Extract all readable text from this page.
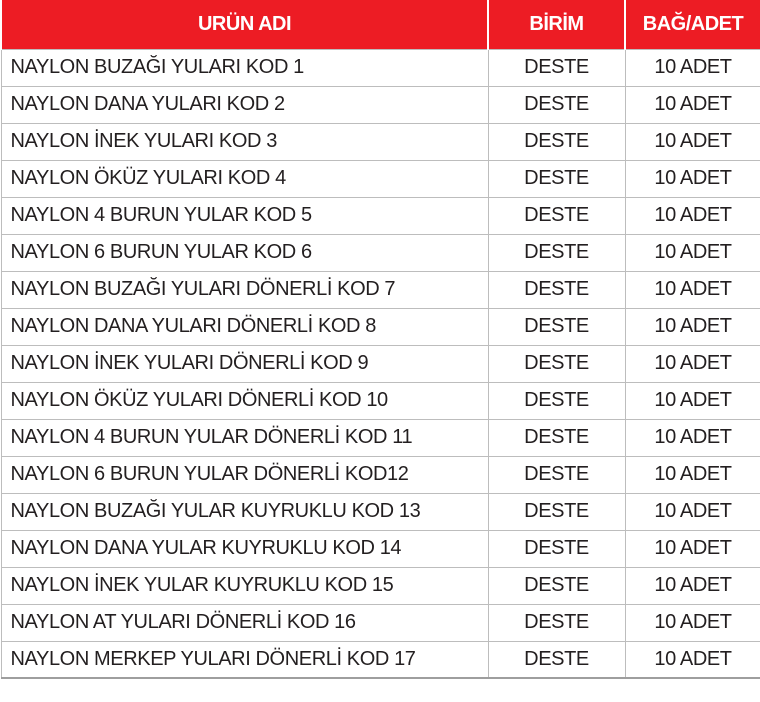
URÜN ADI	BİRİM	BAĞ/ADET
NAYLON BUZAĞI YULARI KOD 1	DESTE	10 ADET
NAYLON DANA YULARI KOD 2	DESTE	10 ADET
NAYLON İNEK YULARI KOD 3	DESTE	10 ADET
NAYLON ÖKÜZ YULARI KOD 4	DESTE	10 ADET
NAYLON 4 BURUN YULAR KOD 5	DESTE	10 ADET
NAYLON 6 BURUN YULAR KOD 6	DESTE	10 ADET
NAYLON BUZAĞI YULARI DÖNERLİ KOD 7	DESTE	10 ADET
NAYLON DANA YULARI DÖNERLİ KOD 8	DESTE	10 ADET
NAYLON İNEK YULARI DÖNERLİ KOD 9	DESTE	10 ADET
NAYLON ÖKÜZ YULARI DÖNERLİ KOD 10	DESTE	10 ADET
NAYLON 4 BURUN YULAR DÖNERLİ KOD 11	DESTE	10 ADET
NAYLON 6 BURUN YULAR DÖNERLİ KOD12	DESTE	10 ADET
NAYLON BUZAĞI YULAR KUYRUKLU KOD 13	DESTE	10 ADET
NAYLON DANA YULAR KUYRUKLU KOD 14	DESTE	10 ADET
NAYLON İNEK YULAR KUYRUKLU KOD 15	DESTE	10 ADET
NAYLON AT YULARI DÖNERLİ KOD 16	DESTE	10 ADET
NAYLON MERKEP YULARI DÖNERLİ KOD 17	DESTE	10 ADET
